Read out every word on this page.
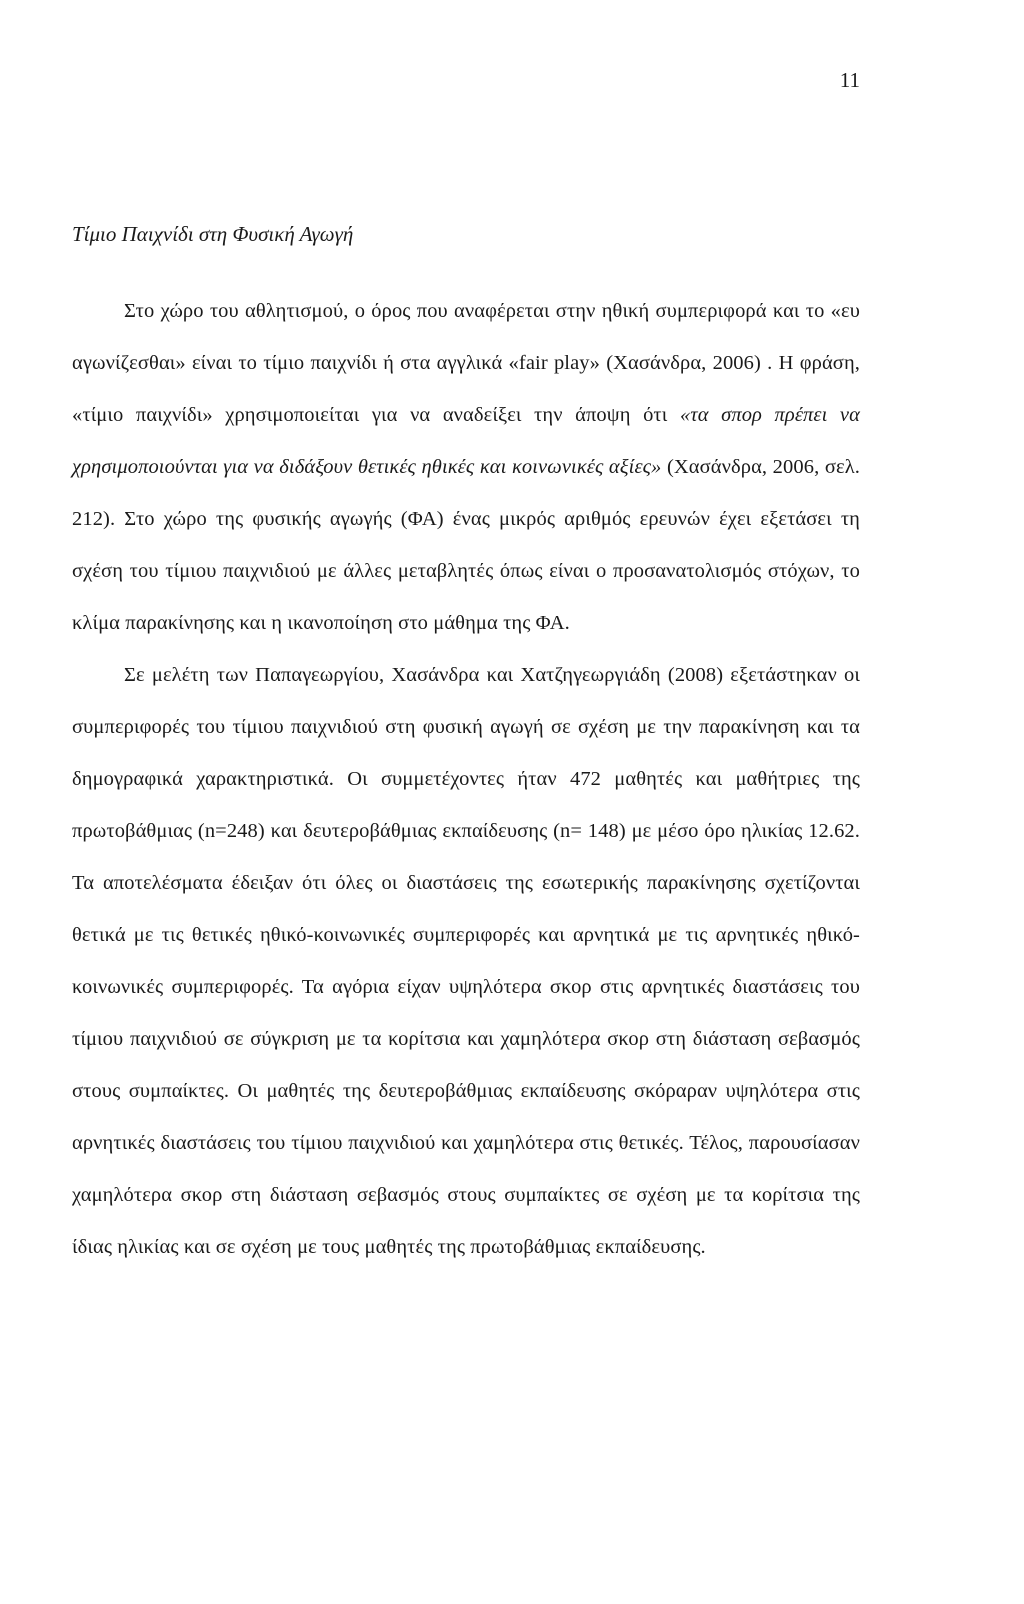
11
Τίμιο Παιχνίδι στη Φυσική Αγωγή

Στο χώρο του αθλητισμού, ο όρος που αναφέρεται στην ηθική συμπεριφορά και το «ευ αγωνίζεσθαι» είναι το τίμιο παιχνίδι ή στα αγγλικά «fair play» (Χασάνδρα, 2006) . Η φράση, «τίμιο παιχνίδι» χρησιμοποιείται για να αναδείξει την άποψη ότι «τα σπορ πρέπει να χρησιμοποιούνται για να διδάξουν θετικές ηθικές και κοινωνικές αξίες» (Χασάνδρα, 2006, σελ. 212). Στο χώρο της φυσικής αγωγής (ΦΑ) ένας μικρός αριθμός ερευνών έχει εξετάσει τη σχέση του τίμιου παιχνιδιού με άλλες μεταβλητές όπως είναι ο προσανατολισμός στόχων, το κλίμα παρακίνησης και η ικανοποίηση στο μάθημα της ΦΑ.

Σε μελέτη των Παπαγεωργίου, Χασάνδρα και Χατζηγεωργιάδη (2008) εξετάστηκαν οι συμπεριφορές του τίμιου παιχνιδιού στη φυσική αγωγή σε σχέση με την παρακίνηση και τα δημογραφικά χαρακτηριστικά. Οι συμμετέχοντες ήταν 472 μαθητές και μαθήτριες της πρωτοβάθμιας (n=248) και δευτεροβάθμιας εκπαίδευσης (n= 148) με μέσο όρο ηλικίας 12.62. Τα αποτελέσματα έδειξαν ότι όλες οι διαστάσεις της εσωτερικής παρακίνησης σχετίζονται θετικά με τις θετικές ηθικό-κοινωνικές συμπεριφορές και αρνητικά με τις αρνητικές ηθικό-κοινωνικές συμπεριφορές. Τα αγόρια είχαν υψηλότερα σκορ στις αρνητικές διαστάσεις του τίμιου παιχνιδιού σε σύγκριση με τα κορίτσια και χαμηλότερα σκορ στη διάσταση σεβασμός στους συμπαίκτες. Οι μαθητές της δευτεροβάθμιας εκπαίδευσης σκόραραν υψηλότερα στις αρνητικές διαστάσεις του τίμιου παιχνιδιού και χαμηλότερα στις θετικές. Τέλος, παρουσίασαν χαμηλότερα σκορ στη διάσταση σεβασμός στους συμπαίκτες σε σχέση με τα κορίτσια της ίδιας ηλικίας και σε σχέση με τους μαθητές της πρωτοβάθμιας εκπαίδευσης.
